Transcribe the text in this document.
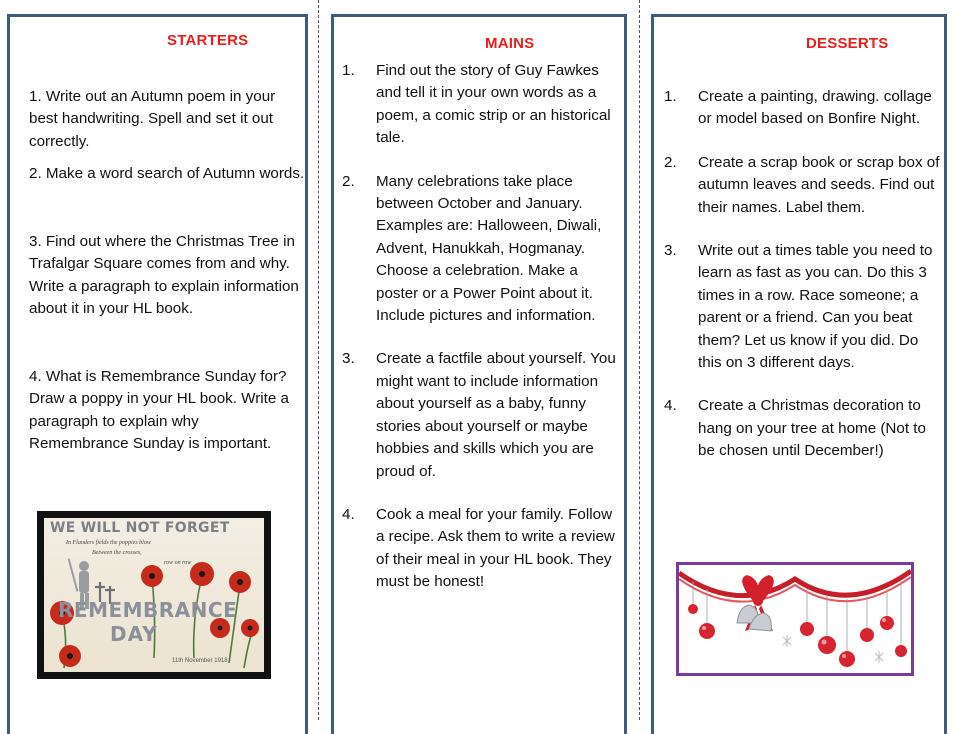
STARTERS

1. Write out an Autumn poem in your best handwriting. Spell and set it out correctly.

2. Make a word search of Autumn words.

3. Find out where the Christmas Tree in Trafalgar Square comes from and why. Write a paragraph to explain information about it in your HL book.

4. What is Remembrance Sunday for? Draw a poppy in your HL book. Write a paragraph to explain why Remembrance Sunday is important.

WE WILL NOT FORGET
In Flanders fields the poppies blow
Between the crosses,
row on row
REMEMBRANCE
DAY
11th November 1918
MAINS
1. Find out the story of Guy Fawkes and tell it in your own words as a poem, a comic strip or an historical tale.
2. Many celebrations take place between October and January. Examples are: Halloween, Diwali, Advent, Hanukkah, Hogmanay. Choose a celebration. Make a poster or a Power Point about it. Include pictures and information.
3. Create a factfile about yourself. You might want to include information about yourself as a baby, funny stories about yourself or maybe hobbies and skills which you are proud of.
4. Cook a meal for your family. Follow a recipe. Ask them to write a review of their meal in your HL book. They must be honest!
DESSERTS
1. Create a painting, drawing. collage or model based on Bonfire Night.
2. Create a scrap book or scrap box of autumn leaves and seeds. Find out their names. Label them.
3. Write out a times table you need to learn as fast as you can. Do this 3 times in a row. Race someone; a parent or a friend. Can you beat them? Let us know if you did. Do this on 3 different days.
4. Create a Christmas decoration to hang on your tree at home (Not to be chosen until December!)
